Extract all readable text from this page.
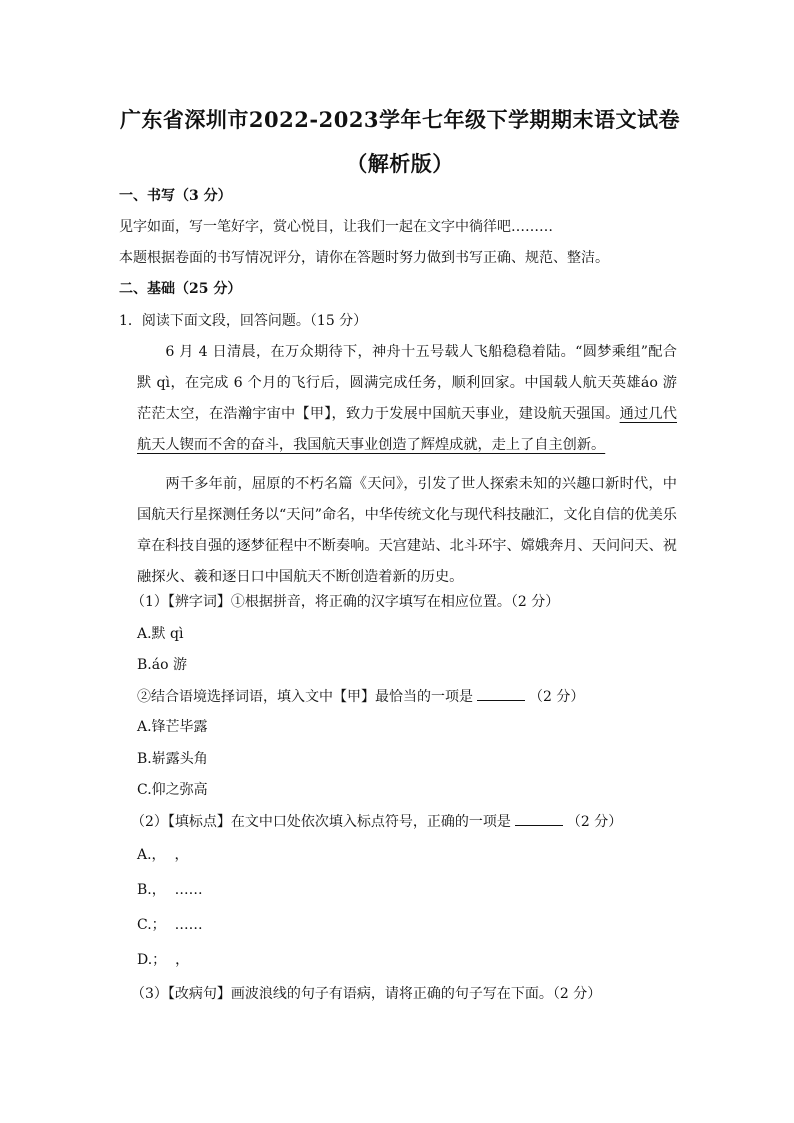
广东省深圳市2022-2023学年七年级下学期期末语文试卷（解析版）
一、书写（3 分）
见字如面，写一笔好字，赏心悦目，让我们一起在文字中徜徉吧………
本题根据卷面的书写情况评分，请你在答题时努力做到书写正确、规范、整洁。
二、基础（25 分）
1．阅读下面文段，回答问题。（15 分）

6 月 4 日清晨，在万众期待下，神舟十五号载人飞船稳稳着陆。“圆梦乘组”配合默 qì，在完成 6 个月的飞行后，圆满完成任务，顺利回家。中国载人航天英雄áo 游茫茫太空，在浩瀚宇宙中【甲】，致力于发展中国航天事业，建设航天强国。通过几代航天人锲而不舍的奋斗，我国航天事业创造了辉煌成就，走上了自主创新。

两千多年前，屈原的不朽名篇《天问》，引发了世人探索未知的兴趣口新时代，中国航天行星探测任务以“天问”命名，中华传统文化与现代科技融汇，文化自信的优美乐章在科技自强的逐梦征程中不断奏响。天宫建站、北斗环宇、嫦娥奔月、天问问天、祝融探火、羲和逐日口中国航天不断创造着新的历史。

（1）【辨字词】①根据拼音，将正确的汉字填写在相应位置。（2 分）
A.默 qì
B.áo 游
②结合语境选择词语，填入文中【甲】最恰当的一项是	（2 分）
A.锋芒毕露
B.崭露头角
C.仰之弥高
（2）【填标点】在文中口处依次填入标点符号，正确的一项是	（2 分）
A.，  ，
B.，  ……
C.；  ……
D.；  ，
（3）【改病句】画波浪线的句子有语病，请将正确的句子写在下面。（2 分）
